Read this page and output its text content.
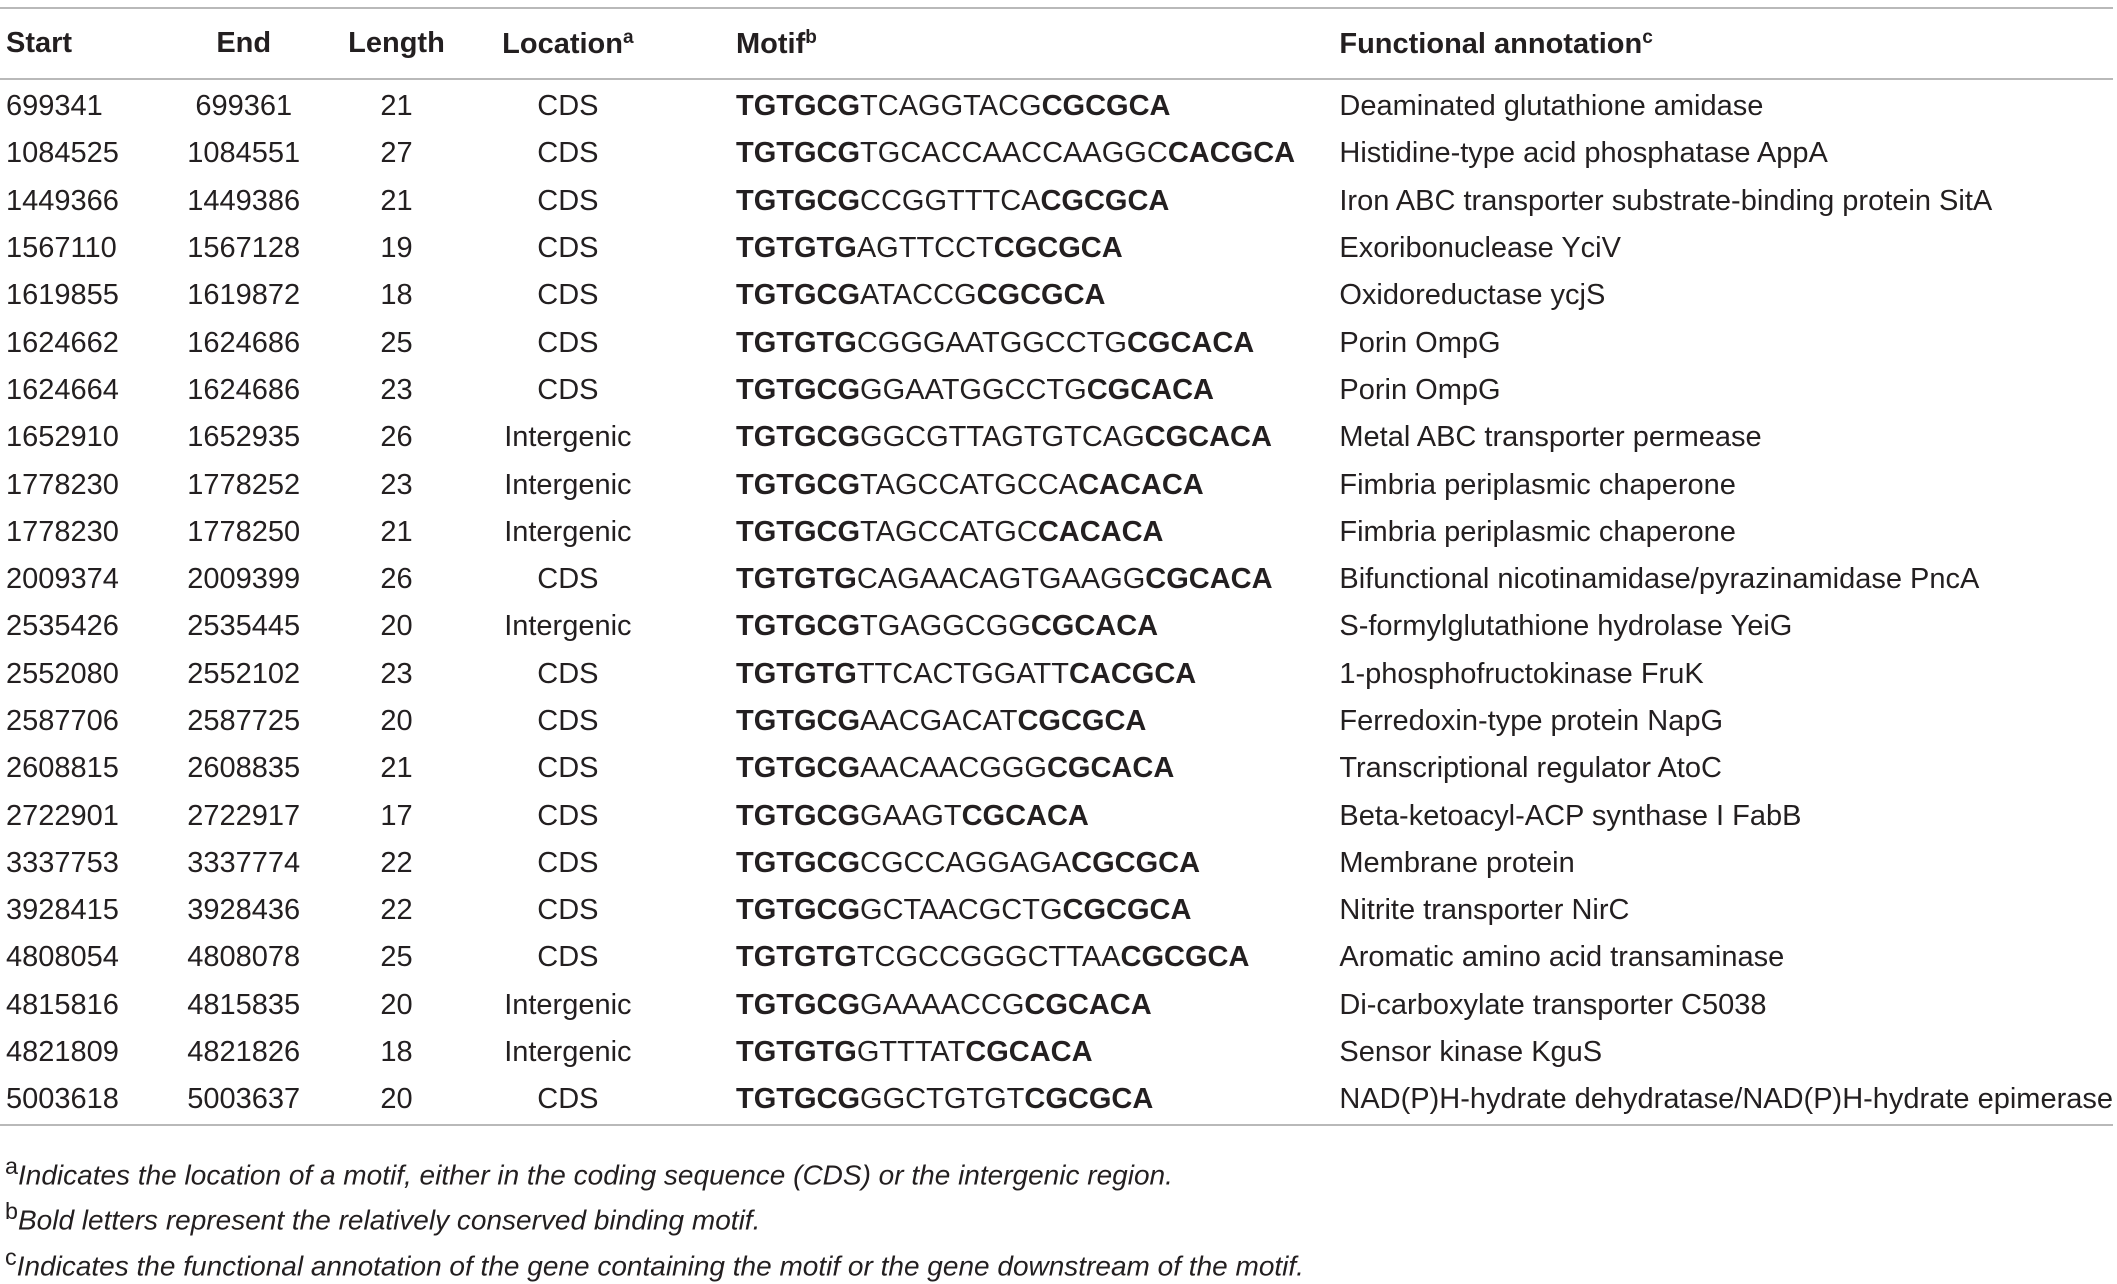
Start	End	Length	Location$^a$	Motif$^b$	Functional annotation$^c$
699341	699361	21	CDS	TGTGCGTCAGGTACGCGCGCA	Deaminated glutathione amidase
1084525	1084551	27	CDS	TGTGCGTGCACCAACCAAGGCCACGCA	Histidine-type acid phosphatase AppA
1449366	1449386	21	CDS	TGTGCGCCGGTTTCACGCGCA	Iron ABC transporter substrate-binding protein SitA
1567110	1567128	19	CDS	TGTGTGAGTTCCTCGCGCA	Exoribonuclease YciV
1619855	1619872	18	CDS	TGTGCGATACCGCGCGCA	Oxidoreductase ycjS
1624662	1624686	25	CDS	TGTGTGCGGGAATGGCCTGCGCACA	Porin OmpG
1624664	1624686	23	CDS	TGTGCGGGAATGGCCTGCGCACA	Porin OmpG
1652910	1652935	26	Intergenic	TGTGCGGGCGTTAGTGTCAGCGCACA	Metal ABC transporter permease
1778230	1778252	23	Intergenic	TGTGCGTAGCCATGCCACACACA	Fimbria periplasmic chaperone
1778230	1778250	21	Intergenic	TGTGCGTAGCCATGCCACACA	Fimbria periplasmic chaperone
2009374	2009399	26	CDS	TGTGTGCAGAACAGTGAAGGCGCACA	Bifunctional nicotinamidase/pyrazinamidase PncA
2535426	2535445	20	Intergenic	TGTGCGTGAGGCGGCGCACA	S-formylglutathione hydrolase YeiG
2552080	2552102	23	CDS	TGTGTGTTCACTGGATTCACGCA	1-phosphofructokinase FruK
2587706	2587725	20	CDS	TGTGCGAACGACATCGCGCA	Ferredoxin-type protein NapG
2608815	2608835	21	CDS	TGTGCGAACAACGGGCGCACA	Transcriptional regulator AtoC
2722901	2722917	17	CDS	TGTGCGGAAGTCGCACA	Beta-ketoacyl-ACP synthase I FabB
3337753	3337774	22	CDS	TGTGCGCGCCAGGAGACGCGCA	Membrane protein
3928415	3928436	22	CDS	TGTGCGGCTAACGCTGCGCGCA	Nitrite transporter NirC
4808054	4808078	25	CDS	TGTGTGTCGCCGGGCTTAACGCGCA	Aromatic amino acid transaminase
4815816	4815835	20	Intergenic	TGTGCGGAAAACCGCGCACA	Di-carboxylate transporter C5038
4821809	4821826	18	Intergenic	TGTGTGGTTTATCGCACA	Sensor kinase KguS
5003618	5003637	20	CDS	TGTGCGGGCTGTGTCGCGCA	NAD(P)H-hydrate dehydratase/NAD(P)H-hydrate epimerase
$^a$Indicates the location of a motif, either in the coding sequence (CDS) or the intergenic region.
$^b$Bold letters represent the relatively conserved binding motif.
$^c$Indicates the functional annotation of the gene containing the motif or the gene downstream of the motif.
